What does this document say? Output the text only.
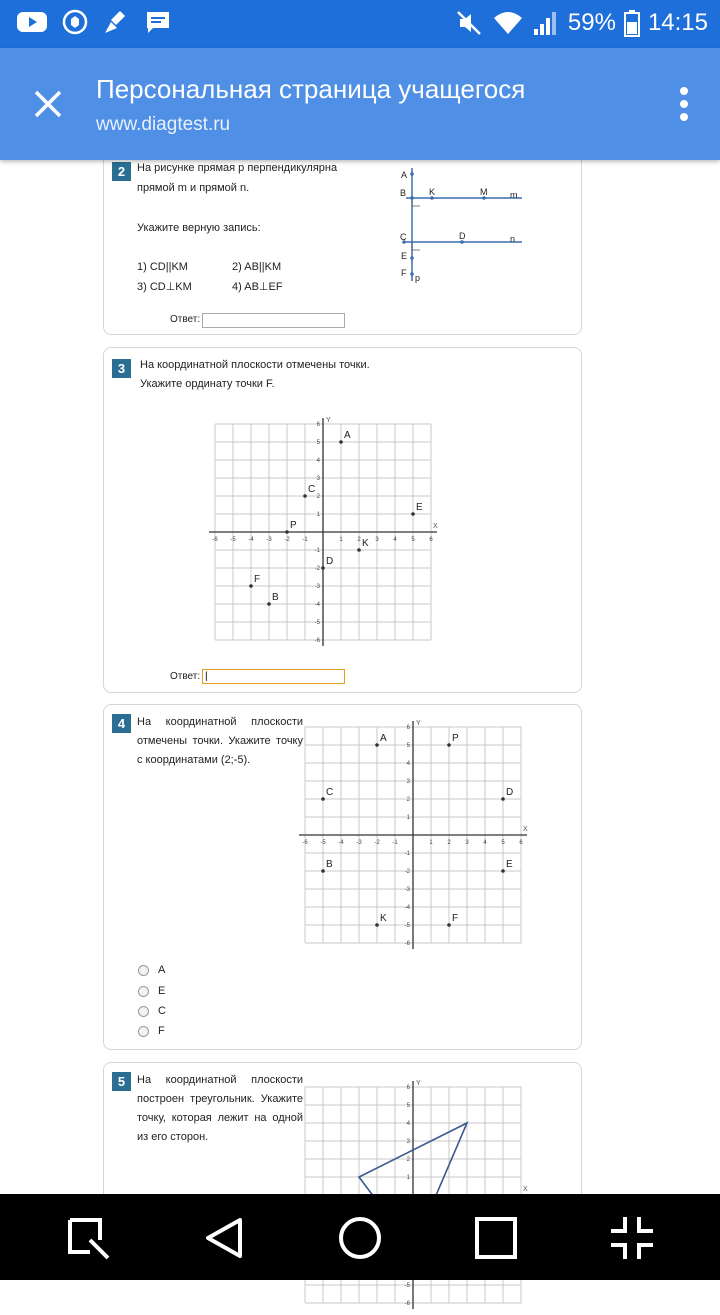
59% 14:15
Персональная страница учащегося
www.diagtest.ru
2	На рисунке прямая p перпендикулярна
прямой m и прямой n.
Укажите верную запись:
1) CD||KM	2) AB||KM
3) CD⊥KM	4) AB⊥EF
Ответ:
A
B	K	M	m
C	D	n
E
F p
3	На координатной плоскости отмечены точки.
Укажите ординату точки F.
X
Y
-6
-6
-5
-5
-4
-4
-3
-3
-2
-2
-1
-1
1
1
2
2
3
3
4
4
5
5
6
6
A
C
E
P
K
D
F
B
Ответ:
|
4	На координатной плоскости отмечены точки. Укажите точку с координатами (2;-5).
X
Y
-6
-6
-5
-5
-4
-4
-3
-3
-2
-2
-1
-1
1
1
2
2
3
3
4
4
5
5
6
6
A	P
C	D
B	E
K	F
A
E
C
F
5	На координатной плоскости построен треугольник. Укажите точку, которая лежит на одной из его сторон.
X
Y
-6
-5
1
2
3
4
5
6
